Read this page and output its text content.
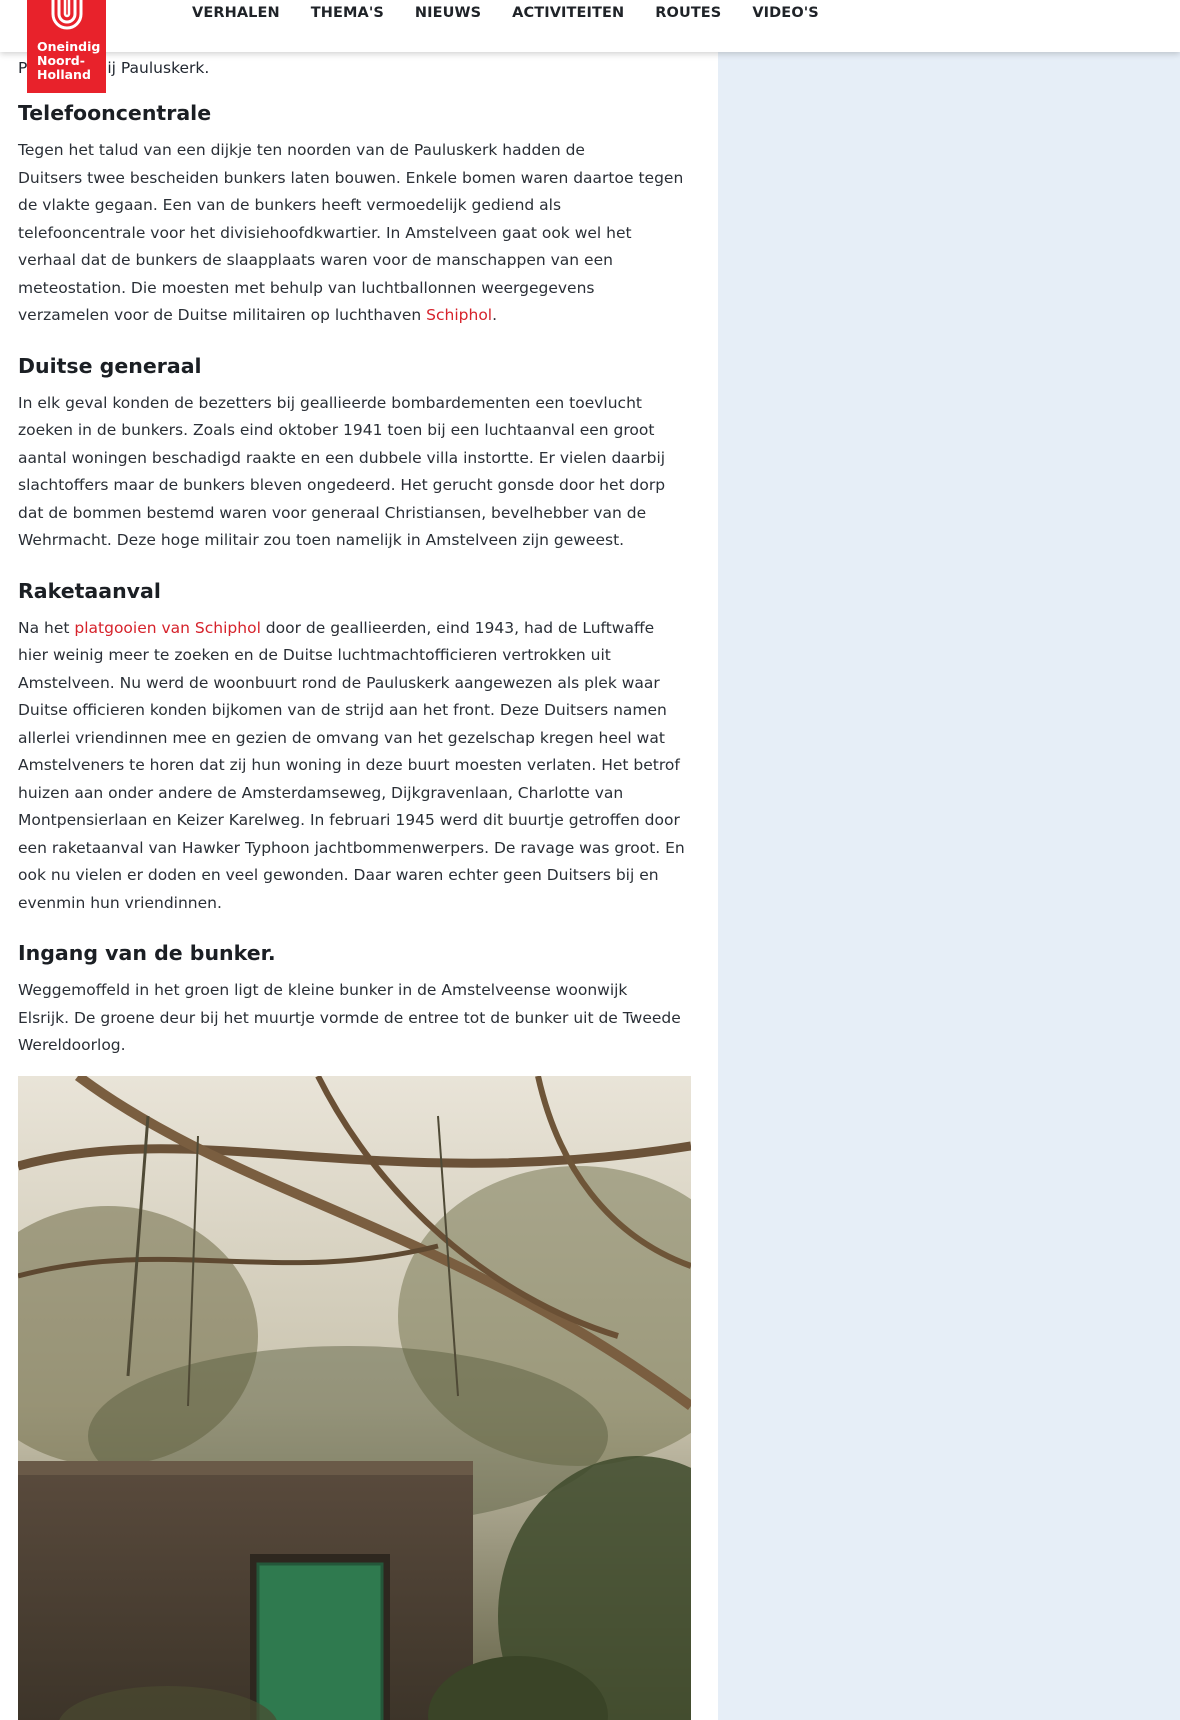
VERHALEN THEMA'S NIEUWS ACTIVITEITEN ROUTES VIDEO'S
Oneindig
Noord-
Holland
P	ij Pauluskerk.
Telefooncentrale

Tegen het talud van een dijkje ten noorden van de Pauluskerk hadden de
Duitsers twee bescheiden bunkers laten bouwen. Enkele bomen waren daartoe tegen
de vlakte gegaan. Een van de bunkers heeft vermoedelijk gediend als
telefooncentrale voor het divisiehoofdkwartier. In Amstelveen gaat ook wel het
verhaal dat de bunkers de slaapplaats waren voor de manschappen van een
meteostation. Die moesten met behulp van luchtballonnen weergegevens
verzamelen voor de Duitse militairen op luchthaven Schiphol.

Duitse generaal

In elk geval konden de bezetters bij geallieerde bombardementen een toevlucht
zoeken in de bunkers. Zoals eind oktober 1941 toen bij een luchtaanval een groot
aantal woningen beschadigd raakte en een dubbele villa instortte. Er vielen daarbij
slachtoffers maar de bunkers bleven ongedeerd. Het gerucht gonsde door het dorp
dat de bommen bestemd waren voor generaal Christiansen, bevelhebber van de
Wehrmacht. Deze hoge militair zou toen namelijk in Amstelveen zijn geweest.

Raketaanval

Na het platgooien van Schiphol door de geallieerden, eind 1943, had de Luftwaffe
hier weinig meer te zoeken en de Duitse luchtmachtofficieren vertrokken uit
Amstelveen. Nu werd de woonbuurt rond de Pauluskerk aangewezen als plek waar
Duitse officieren konden bijkomen van de strijd aan het front. Deze Duitsers namen
allerlei vriendinnen mee en gezien de omvang van het gezelschap kregen heel wat
Amstelveners te horen dat zij hun woning in deze buurt moesten verlaten. Het betrof
huizen aan onder andere de Amsterdamseweg, Dijkgravenlaan, Charlotte van
Montpensierlaan en Keizer Karelweg. In februari 1945 werd dit buurtje getroffen door
een raketaanval van Hawker Typhoon jachtbommenwerpers. De ravage was groot. En
ook nu vielen er doden en veel gewonden. Daar waren echter geen Duitsers bij en
evenmin hun vriendinnen.

Ingang van de bunker.

Weggemoffeld in het groen ligt de kleine bunker in de Amstelveense woonwijk
Elsrijk. De groene deur bij het muurtje vormde de entree tot de bunker uit de Tweede
Wereldoorlog.
